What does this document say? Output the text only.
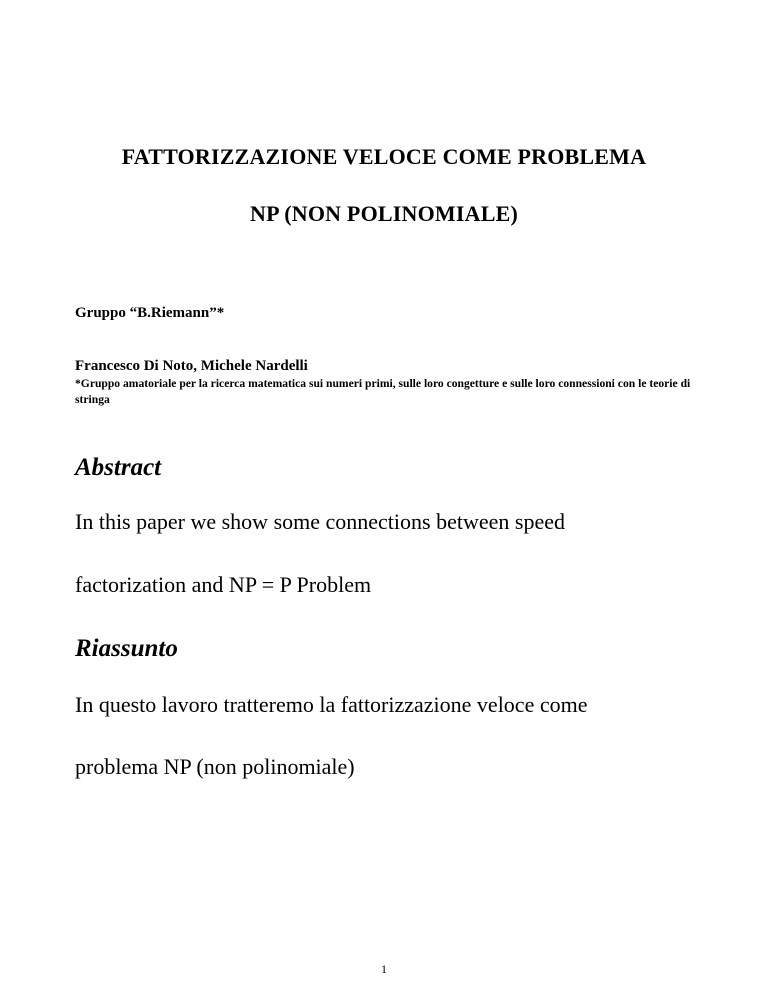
FATTORIZZAZIONE VELOCE COME PROBLEMA
NP (NON POLINOMIALE)
Gruppo “B.Riemann”*
Francesco Di Noto, Michele Nardelli
*Gruppo amatoriale per la ricerca matematica sui numeri primi, sulle loro congetture e sulle loro connessioni con le teorie di stringa
Abstract
In this paper we show some connections between speed
factorization and NP = P Problem
Riassunto
In questo lavoro tratteremo la fattorizzazione veloce come
problema NP (non polinomiale)
1
